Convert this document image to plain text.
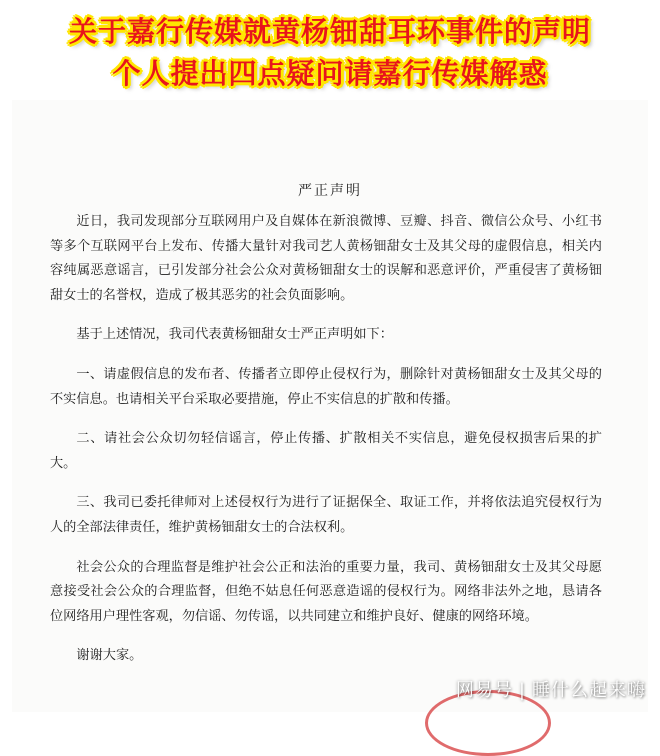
关于嘉行传媒就黄杨钿甜耳环事件的声明
个人提出四点疑问请嘉行传媒解惑
严正声明

近日，我司发现部分互联网用户及自媒体在新浪微博、豆瓣、抖音、微信公众号、小红书等多个互联网平台上发布、传播大量针对我司艺人黄杨钿甜女士及其父母的虚假信息，相关内容纯属恶意谣言，已引发部分社会公众对黄杨钿甜女士的误解和恶意评价，严重侵害了黄杨钿甜女士的名誉权，造成了极其恶劣的社会负面影响。

基于上述情况，我司代表黄杨钿甜女士严正声明如下：

一、请虚假信息的发布者、传播者立即停止侵权行为，删除针对黄杨钿甜女士及其父母的不实信息。也请相关平台采取必要措施，停止不实信息的扩散和传播。

二、请社会公众切勿轻信谣言，停止传播、扩散相关不实信息，避免侵权损害后果的扩大。

三、我司已委托律师对上述侵权行为进行了证据保全、取证工作，并将依法追究侵权行为人的全部法律责任，维护黄杨钿甜女士的合法权利。

社会公众的合理监督是维护社会公正和法治的重要力量，我司、黄杨钿甜女士及其父母愿意接受社会公众的合理监督，但绝不姑息任何恶意造谣的侵权行为。网络非法外之地，恳请各位网络用户理性客观，勿信谣、勿传谣，以共同建立和维护良好、健康的网络环境。

谢谢大家。

网易号 | 睡什么起来嗨
